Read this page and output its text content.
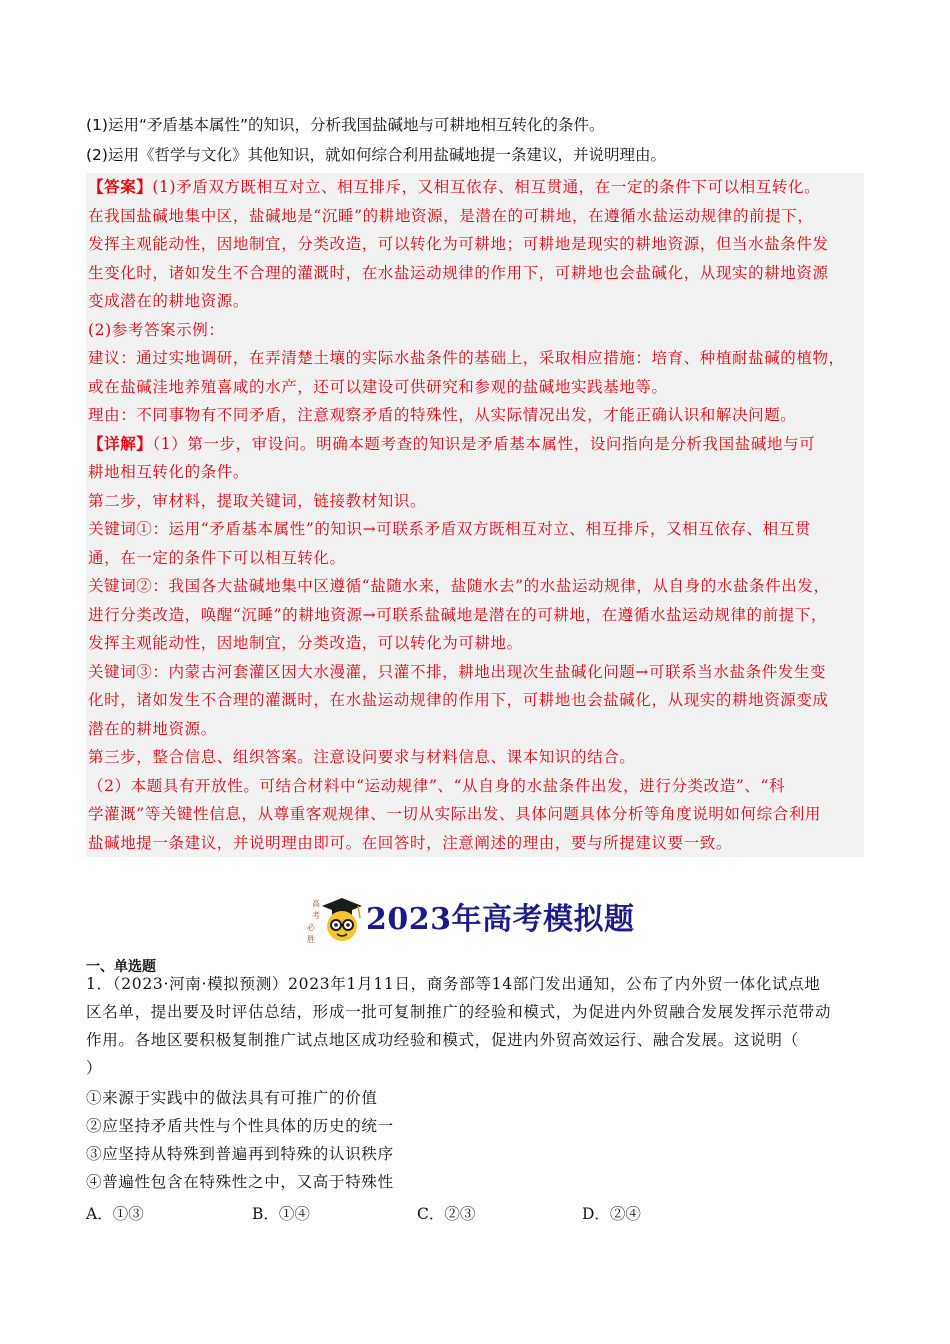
(1)运用“矛盾基本属性”的知识，分析我国盐碱地与可耕地相互转化的条件。
(2)运用《哲学与文化》其他知识，就如何综合利用盐碱地提一条建议，并说明理由。
【答案】(1)矛盾双方既相互对立、相互排斥，又相互依存、相互贯通，在一定的条件下可以相互转化。
在我国盐碱地集中区，盐碱地是“沉睡”的耕地资源，是潜在的可耕地，在遵循水盐运动规律的前提下，
发挥主观能动性，因地制宜，分类改造，可以转化为可耕地；可耕地是现实的耕地资源，但当水盐条件发
生变化时，诸如发生不合理的灌溉时，在水盐运动规律的作用下，可耕地也会盐碱化，从现实的耕地资源
变成潜在的耕地资源。
(2)参考答案示例：
建议：通过实地调研，在弄清楚土壤的实际水盐条件的基础上，采取相应措施：培育、种植耐盐碱的植物，
或在盐碱洼地养殖喜咸的水产，还可以建设可供研究和参观的盐碱地实践基地等。
理由：不同事物有不同矛盾，注意观察矛盾的特殊性，从实际情况出发，才能正确认识和解决问题。
【详解】（1）第一步，审设问。明确本题考查的知识是矛盾基本属性，设问指向是分析我国盐碱地与可
耕地相互转化的条件。
第二步，审材料，提取关键词，链接教材知识。
关键词①：运用“矛盾基本属性”的知识→可联系矛盾双方既相互对立、相互排斥，又相互依存、相互贯
通，在一定的条件下可以相互转化。
关键词②：我国各大盐碱地集中区遵循“盐随水来，盐随水去”的水盐运动规律，从自身的水盐条件出发，
进行分类改造，唤醒“沉睡”的耕地资源→可联系盐碱地是潜在的可耕地，在遵循水盐运动规律的前提下，
发挥主观能动性，因地制宜，分类改造，可以转化为可耕地。
关键词③：内蒙古河套灌区因大水漫灌，只灌不排，耕地出现次生盐碱化问题→可联系当水盐条件发生变
化时，诸如发生不合理的灌溉时，在水盐运动规律的作用下，可耕地也会盐碱化，从现实的耕地资源变成
潜在的耕地资源。
第三步，整合信息、组织答案。注意设问要求与材料信息、课本知识的结合。
（2）本题具有开放性。可结合材料中“运动规律”、“从自身的水盐条件出发，进行分类改造”、“科
学灌溉”等关键性信息，从尊重客观规律、一切从实际出发、具体问题具体分析等角度说明如何综合利用
盐碱地提一条建议，并说明理由即可。在回答时，注意阐述的理由，要与所提建议要一致。
高
考
必
胜
2023年高考模拟题
一、单选题
1．（2023·河南·模拟预测）2023年1月11日，商务部等14部门发出通知，公布了内外贸一体化试点地
区名单，提出要及时评估总结，形成一批可复制推广的经验和模式，为促进内外贸融合发展发挥示范带动
作用。各地区要积极复制推广试点地区成功经验和模式，促进内外贸高效运行、融合发展。这说明（
）
①来源于实践中的做法具有可推广的价值
②应坚持矛盾共性与个性具体的历史的统一
③应坚持从特殊到普遍再到特殊的认识秩序
④普遍性包含在特殊性之中，又高于特殊性
A．①③	B．①④	C．②③	D．②④
